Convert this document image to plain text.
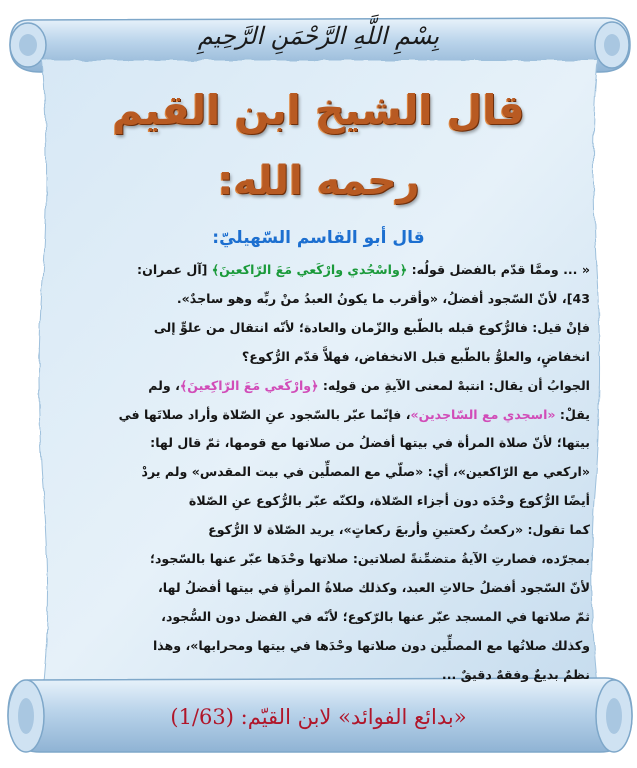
بِسْمِ اللَّهِ الرَّحْمَنِ الرَّحِيمِ
قال الشيخ ابن القيم
رحمه الله:
قال أبو القاسم السّهيليّ:
« ... وممَّا قدّم بالفضل قولُه: ﴿واسْجُدي وارْكَعي مَعَ الرّاكعينَ﴾ [آل عمران:
43]، لأنّ السّجود أفضلُ، «وأقرب ما يكونُ العبدُ منْ ربِّه وهو ساجدٌ».
فإنْ قيل: فالرُّكوع قبله بالطّبع والزّمان والعادة؛ لأنّه انتقال من علوٍّ إلى
انخفاضٍ، والعلوُّ بالطّبع قبل الانخفاض، فهلاَّ قدّم الرُّكوع؟
الجوابُ أن يقال: انتبهْ لمعنى الآيةِ من قولِه: ﴿وارْكَعي مَعَ الرّاكِعينَ﴾، ولم
يقلْ: «اسجدي مع السّاجدين»، فإنّما عبّر بالسّجود عنِ الصّلاة وأراد صلاتَها في
بيتها؛ لأنّ صلاة المرأة في بيتها أفضلُ من صلاتها مع قومها، ثمّ قال لها:
«اركعي مع الرّاكعين»، أي: «صلّي مع المصلِّين في بيت المقدس» ولم يردْ
أيضًا الرُّكوع وحْدَه دون أجزاء الصّلاة، ولكنّه عبّر بالرُّكوع عنِ الصّلاة
كما تقول: «ركعتُ ركعتينِ وأربعَ ركعاتٍ»، يريد الصّلاة لا الرُّكوع
بمجرّده، فصارتِ الآيةُ متضمِّنةً لصلاتين: صلاتها وحْدَها عبّر عنها بالسّجود؛
لأنّ السّجود أفضلُ حالاتِ العبد، وكذلك صلاةُ المرأةِ في بيتها أفضلُ لها،
ثمّ صلاتها في المسجد عبّر عنها بالرّكوع؛ لأنّه في الفضل دون السُّجود،
وكذلك صلاتُها مع المصلِّين دون صلاتها وحْدَها في بيتها ومحرابها»، وهذا
نظمٌ بديعٌ وفقهٌ دقيقٌ ...
«بدائع الفوائد» لابن القيّم: (1/63)
